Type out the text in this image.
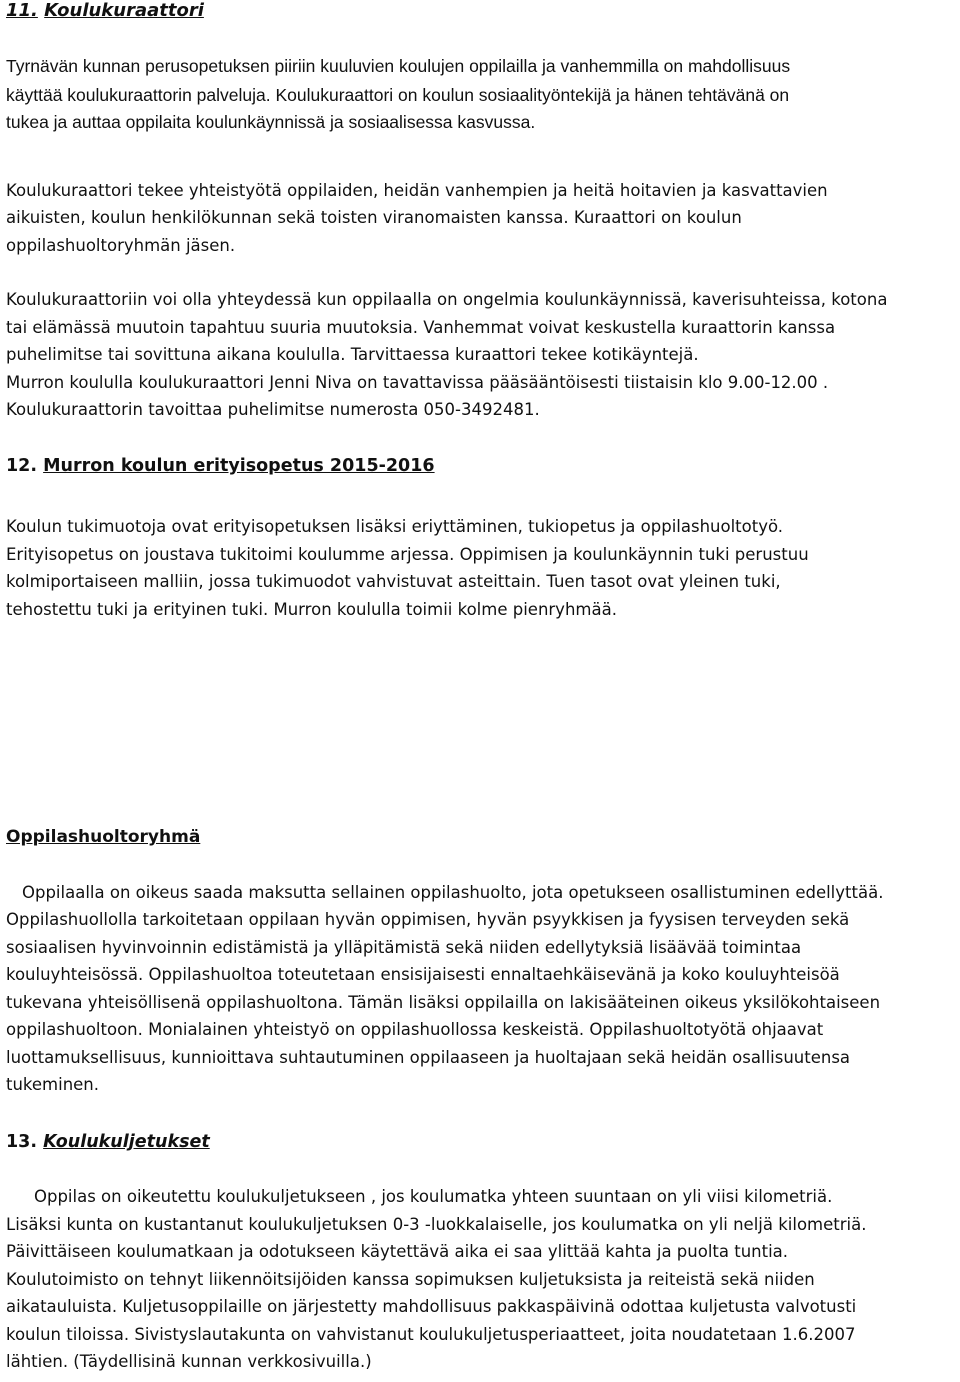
11. Koulukuraattori
Tyrnävän kunnan perusopetuksen piiriin kuuluvien koulujen oppilailla ja vanhemmilla on mahdollisuus
käyttää koulukuraattorin palveluja. Koulukuraattori on koulun sosiaalityöntekijä ja hänen tehtävänä on
tukea ja auttaa oppilaita koulunkäynnissä ja sosiaalisessa kasvussa.
Koulukuraattori tekee yhteistyötä oppilaiden, heidän vanhempien ja heitä hoitavien ja kasvattavien
aikuisten, koulun henkilökunnan sekä toisten viranomaisten kanssa. Kuraattori on koulun
oppilashuoltoryhmän jäsen.
Koulukuraattoriin voi olla yhteydessä kun oppilaalla on ongelmia koulunkäynnissä, kaverisuhteissa, kotona
tai elämässä muutoin tapahtuu suuria muutoksia. Vanhemmat voivat keskustella kuraattorin kanssa
puhelimitse tai sovittuna aikana koululla. Tarvittaessa kuraattori tekee kotikäyntejä.
Murron koululla koulukuraattori Jenni Niva on tavattavissa pääsääntöisesti tiistaisin klo 9.00-12.00 .
Koulukuraattorin tavoittaa puhelimitse numerosta 050-3492481.
12. Murron koulun erityisopetus 2015-2016
Koulun tukimuotoja ovat erityisopetuksen lisäksi eriyttäminen, tukiopetus ja oppilashuoltotyö.
Erityisopetus on joustava tukitoimi koulumme arjessa. Oppimisen ja koulunkäynnin tuki perustuu
kolmiportaiseen malliin, jossa tukimuodot vahvistuvat asteittain. Tuen tasot ovat yleinen tuki,
tehostettu tuki ja erityinen tuki. Murron koululla toimii kolme pienryhmää.
Oppilashuoltoryhmä
Oppilaalla on oikeus saada maksutta sellainen oppilashuolto, jota opetukseen osallistuminen edellyttää.
Oppilashuollolla tarkoitetaan oppilaan hyvän oppimisen, hyvän psyykkisen ja fyysisen terveyden sekä
sosiaalisen hyvinvoinnin edistämistä ja ylläpitämistä sekä niiden edellytyksiä lisäävää toimintaa
kouluyhteisössä. Oppilashuoltoa toteutetaan ensisijaisesti ennaltaehkäisevänä ja koko kouluyhteisöä
tukevana yhteisöllisenä oppilashuoltona. Tämän lisäksi oppilailla on lakisääteinen oikeus yksilökohtaiseen
oppilashuoltoon. Monialainen yhteistyö on oppilashuollossa keskeistä. Oppilashuoltotyötä ohjaavat
luottamuksellisuus, kunnioittava suhtautuminen oppilaaseen ja huoltajaan sekä heidän osallisuutensa
tukeminen.
13. Koulukuljetukset
Oppilas on oikeutettu koulukuljetukseen , jos koulumatka yhteen suuntaan on yli viisi kilometriä.
Lisäksi kunta on kustantanut koulukuljetuksen 0-3 -luokkalaiselle, jos koulumatka on yli neljä kilometriä.
Päivittäiseen koulumatkaan ja odotukseen käytettävä aika ei saa ylittää kahta ja puolta tuntia.
Koulutoimisto on tehnyt liikennöitsijöiden kanssa sopimuksen kuljetuksista ja reiteistä sekä niiden
aikatauluista. Kuljetusoppilaille on järjestetty mahdollisuus pakkaspäivinä odottaa kuljetusta valvotusti
koulun tiloissa. Sivistyslautakunta on vahvistanut koulukuljetusperiaatteet, joita noudatetaan 1.6.2007
lähtien. (Täydellisinä kunnan verkkosivuilla.)
